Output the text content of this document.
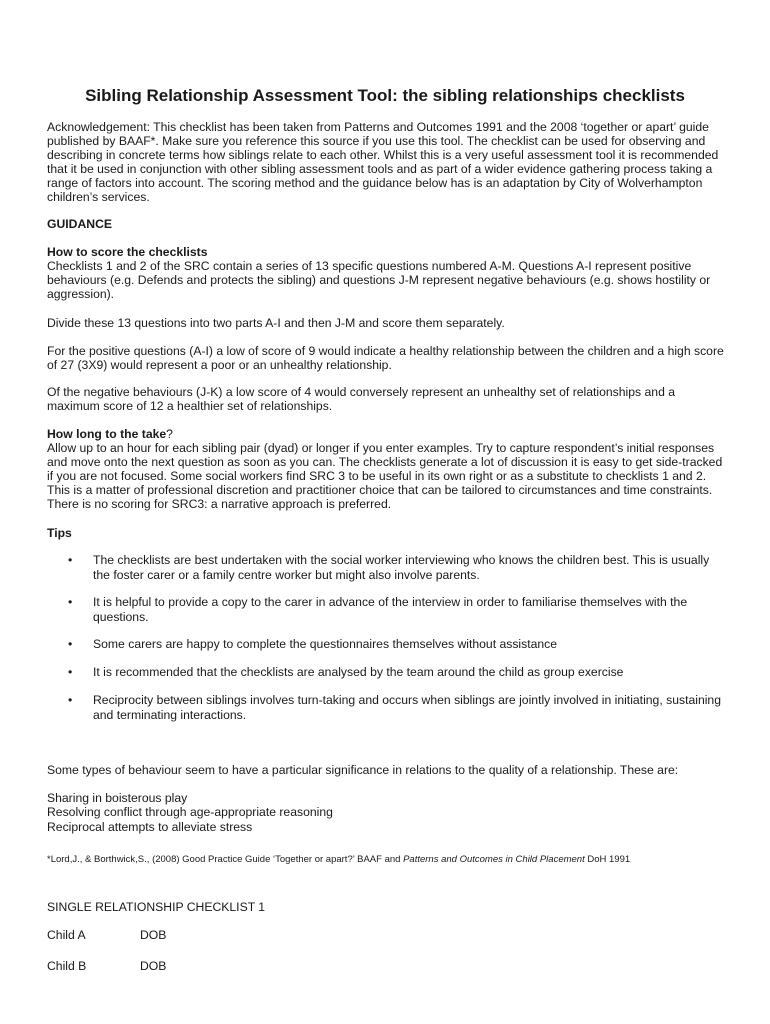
Sibling Relationship Assessment Tool: the sibling relationships checklists

Acknowledgement: This checklist has been taken from Patterns and Outcomes 1991 and the 2008 ‘together or apart’ guide published by BAAF*. Make sure you reference this source if you use this tool. The checklist can be used for observing and describing in concrete terms how siblings relate to each other. Whilst this is a very useful assessment tool it is recommended that it be used in conjunction with other sibling assessment tools and as part of a wider evidence gathering process taking a range of factors into account. The scoring method and the guidance below has is an adaptation by City of Wolverhampton children’s services.

GUIDANCE

How to score the checklists

Checklists 1 and 2 of the SRC contain a series of 13 specific questions numbered A-M. Questions A-I represent positive behaviours (e.g. Defends and protects the sibling) and questions J-M represent negative behaviours (e.g. shows hostility or aggression).

Divide these 13 questions into two parts A-I and then J-M and score them separately.

For the positive questions (A-I) a low of score of 9 would indicate a healthy relationship between the children and a high score of 27 (3X9) would represent a poor or an unhealthy relationship.

Of the negative behaviours (J-K) a low score of 4 would conversely represent an unhealthy set of relationships and a maximum score of 12 a healthier set of relationships.

How long to the take?

Allow up to an hour for each sibling pair (dyad) or longer if you enter examples. Try to capture respondent’s initial responses and move onto the next question as soon as you can. The checklists generate a lot of discussion it is easy to get side-tracked if you are not focused. Some social workers find SRC 3 to be useful in its own right or as a substitute to checklists 1 and 2. This is a matter of professional discretion and practitioner choice that can be tailored to circumstances and time constraints. There is no scoring for SRC3: a narrative approach is preferred.

Tips

• The checklists are best undertaken with the social worker interviewing who knows the children best. This is usually the foster carer or a family centre worker but might also involve parents.
• It is helpful to provide a copy to the carer in advance of the interview in order to familiarise themselves with the questions.
• Some carers are happy to complete the questionnaires themselves without assistance
• It is recommended that the checklists are analysed by the team around the child as group exercise
• Reciprocity between siblings involves turn-taking and occurs when siblings are jointly involved in initiating, sustaining and terminating interactions.

Some types of behaviour seem to have a particular significance in relations to the quality of a relationship. These are:

Sharing in boisterous play

Resolving conflict through age-appropriate reasoning

Reciprocal attempts to alleviate stress

*Lord,J., & Borthwick,S., (2008) Good Practice Guide ‘Together or apart?’ BAAF and Patterns and Outcomes in Child Placement DoH 1991

SINGLE RELATIONSHIP CHECKLIST 1

Child A	DOB
Child B	DOB
